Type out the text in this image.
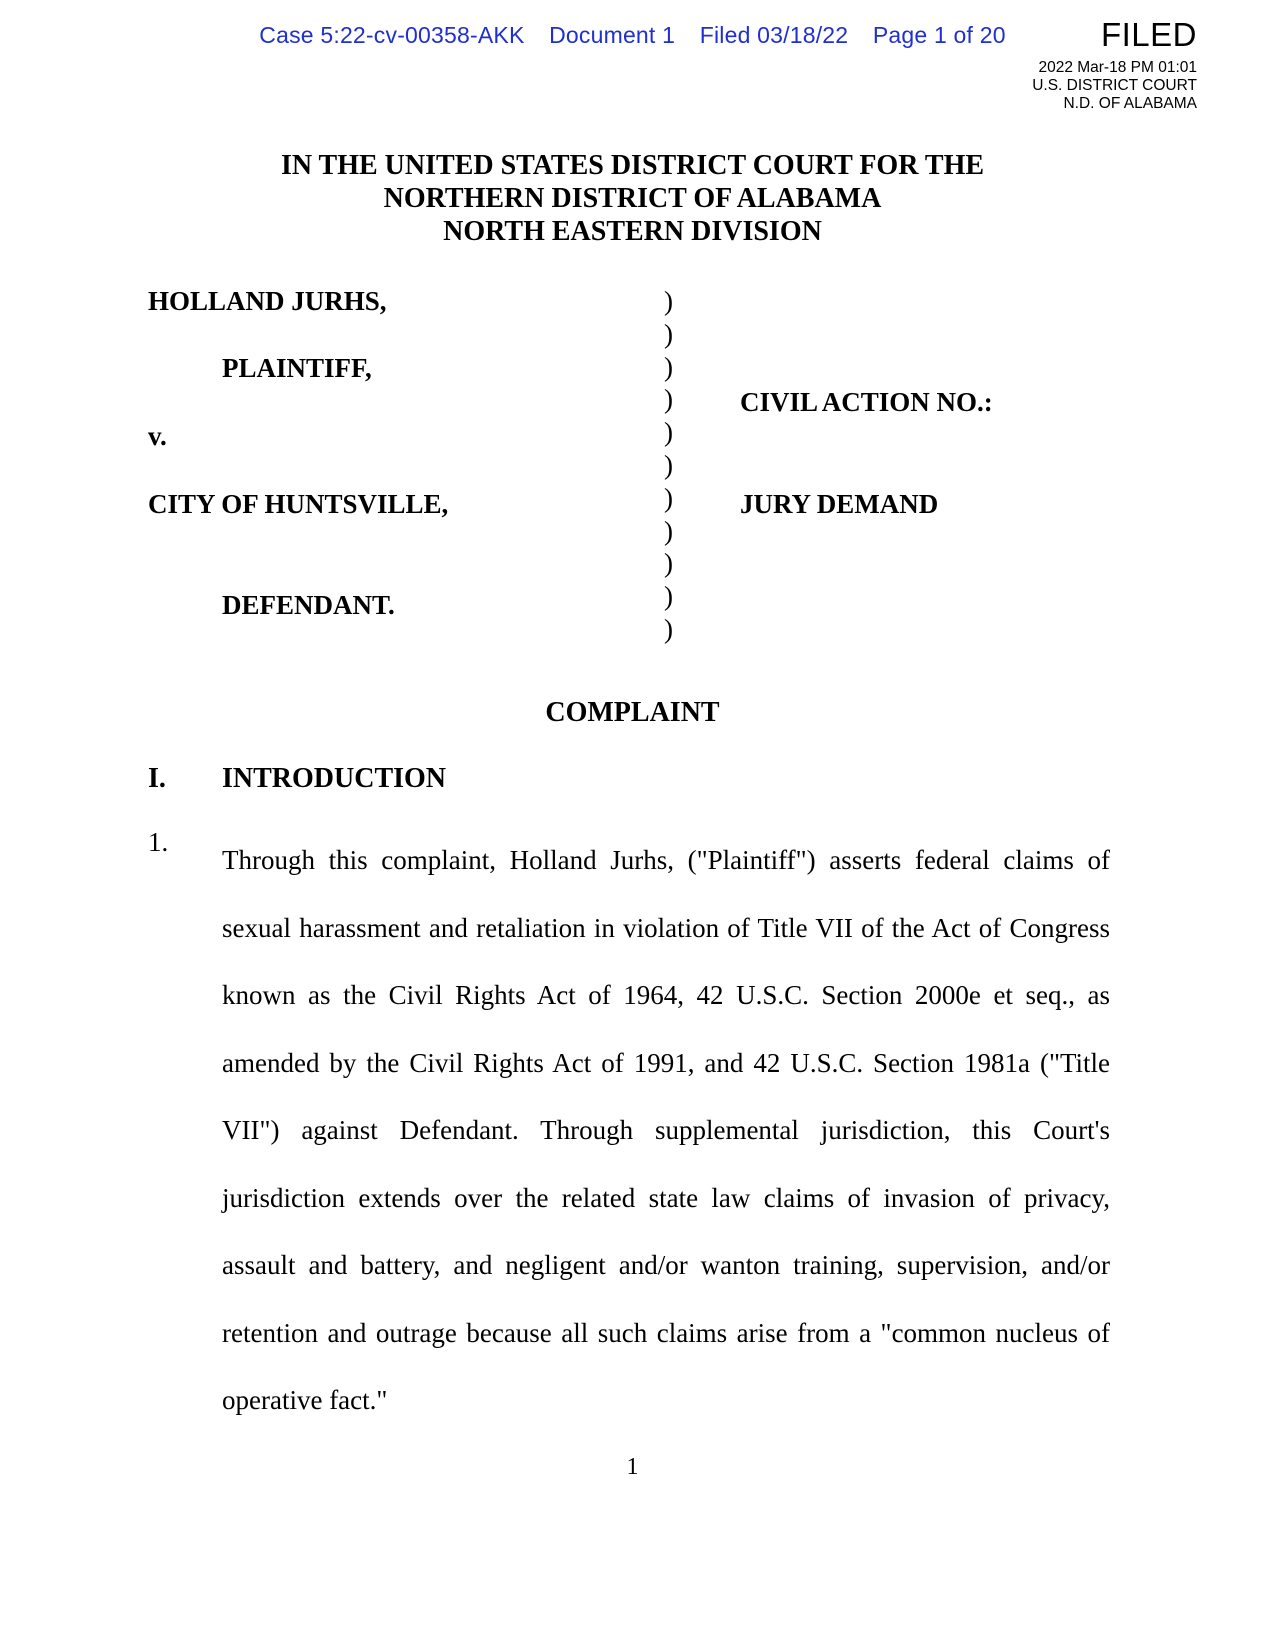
Case 5:22-cv-00358-AKK Document 1 Filed 03/18/22 Page 1 of 20	FILED
2022 Mar-18 PM 01:01
U.S. DISTRICT COURT
N.D. OF ALABAMA
IN THE UNITED STATES DISTRICT COURT FOR THE
NORTHERN DISTRICT OF ALABAMA
NORTH EASTERN DIVISION
HOLLAND JURHS,
PLAINTIFF,
v.
CITY OF HUNTSVILLE,
DEFENDANT.
CIVIL ACTION NO.:
JURY DEMAND
)
)
)
)
)
)
)
)
)
)
)
COMPLAINT
I. INTRODUCTION
1.

Through this complaint, Holland Jurhs, ("Plaintiff") asserts federal claims of sexual harassment and retaliation in violation of Title VII of the Act of Congress known as the Civil Rights Act of 1964, 42 U.S.C. Section 2000e et seq., as amended by the Civil Rights Act of 1991, and 42 U.S.C. Section 1981a ("Title VII") against Defendant. Through supplemental jurisdiction, this Court's jurisdiction extends over the related state law claims of invasion of privacy, assault and battery, and negligent and/or wanton training, supervision, and/or retention and outrage because all such claims arise from a "common nucleus of operative fact."

1
